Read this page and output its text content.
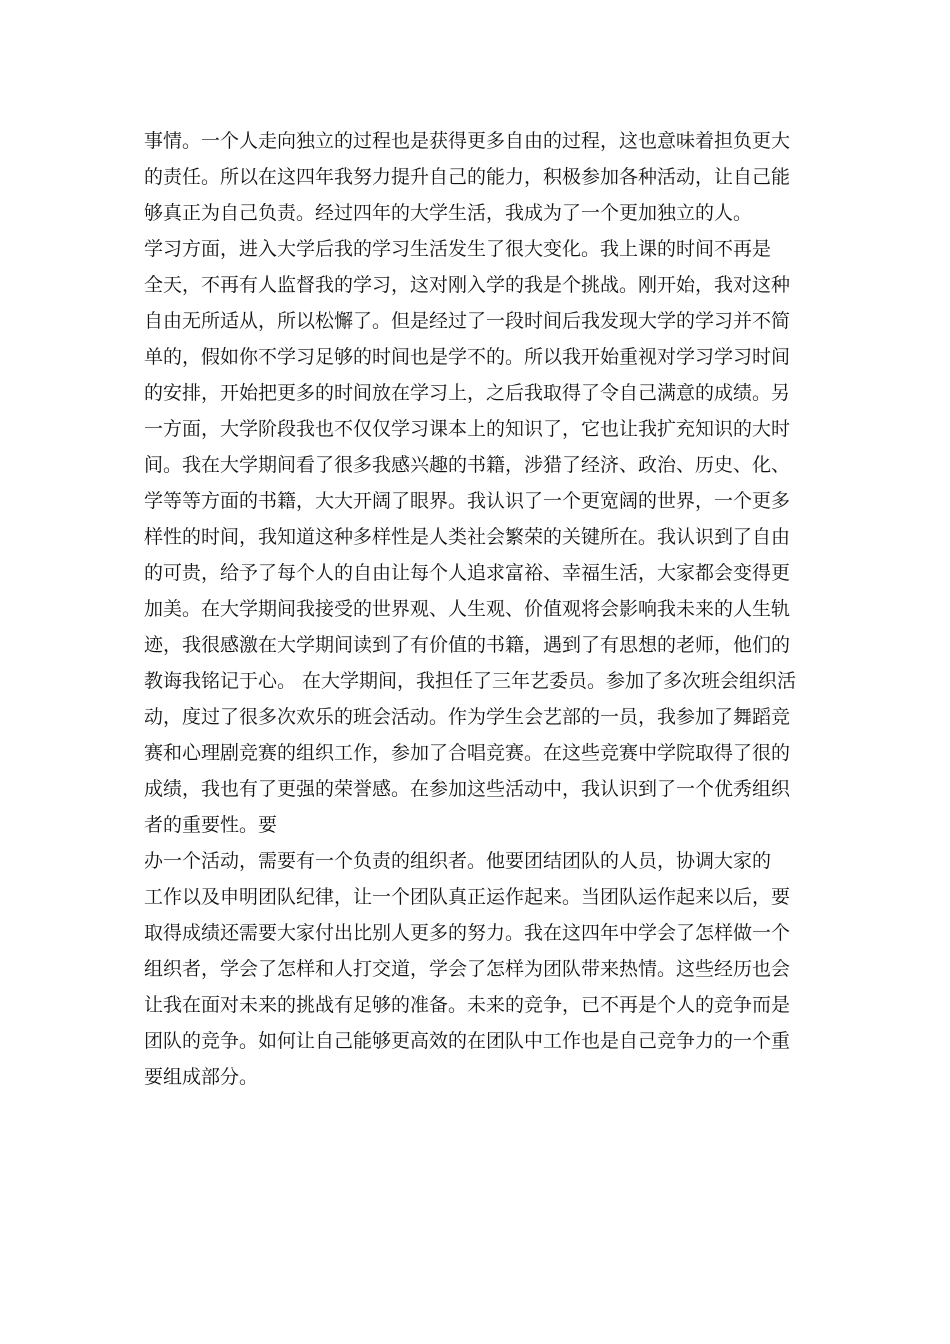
事情。一个人走向独立的过程也是获得更多自由的过程，这也意味着担负更大
的责任。所以在这四年我努力提升自己的能力，积极参加各种活动，让自己能
够真正为自己负责。经过四年的大学生活，我成为了一个更加独立的人。
学习方面，进入大学后我的学习生活发生了很大变化。我上课的时间不再是
全天，不再有人监督我的学习，这对刚入学的我是个挑战。刚开始，我对这种
自由无所适从，所以松懈了。但是经过了一段时间后我发现大学的学习并不简
单的，假如你不学习足够的时间也是学不的。所以我开始重视对学习学习时间
的安排，开始把更多的时间放在学习上，之后我取得了令自己满意的成绩。另
一方面，大学阶段我也不仅仅学习课本上的知识了，它也让我扩充知识的大时
间。我在大学期间看了很多我感兴趣的书籍，涉猎了经济、政治、历史、化、
学等等方面的书籍，大大开阔了眼界。我认识了一个更宽阔的世界，一个更多
样性的时间，我知道这种多样性是人类社会繁荣的关键所在。我认识到了自由
的可贵，给予了每个人的自由让每个人追求富裕、幸福生活，大家都会变得更
加美。在大学期间我接受的世界观、人生观、价值观将会影响我未来的人生轨
迹，我很感激在大学期间读到了有价值的书籍，遇到了有思想的老师，他们的
教诲我铭记于心。 在大学期间，我担任了三年艺委员。参加了多次班会组织活
动，度过了很多次欢乐的班会活动。作为学生会艺部的一员，我参加了舞蹈竞
赛和心理剧竞赛的组织工作，参加了合唱竞赛。在这些竞赛中学院取得了很的
成绩，我也有了更强的荣誉感。在参加这些活动中，我认识到了一个优秀组织
者的重要性。要
办一个活动，需要有一个负责的组织者。他要团结团队的人员，协调大家的
工作以及申明团队纪律，让一个团队真正运作起来。当团队运作起来以后，要
取得成绩还需要大家付出比别人更多的努力。我在这四年中学会了怎样做一个
组织者，学会了怎样和人打交道，学会了怎样为团队带来热情。这些经历也会
让我在面对未来的挑战有足够的准备。未来的竞争，已不再是个人的竞争而是
团队的竞争。如何让自己能够更高效的在团队中工作也是自己竞争力的一个重
要组成部分。
